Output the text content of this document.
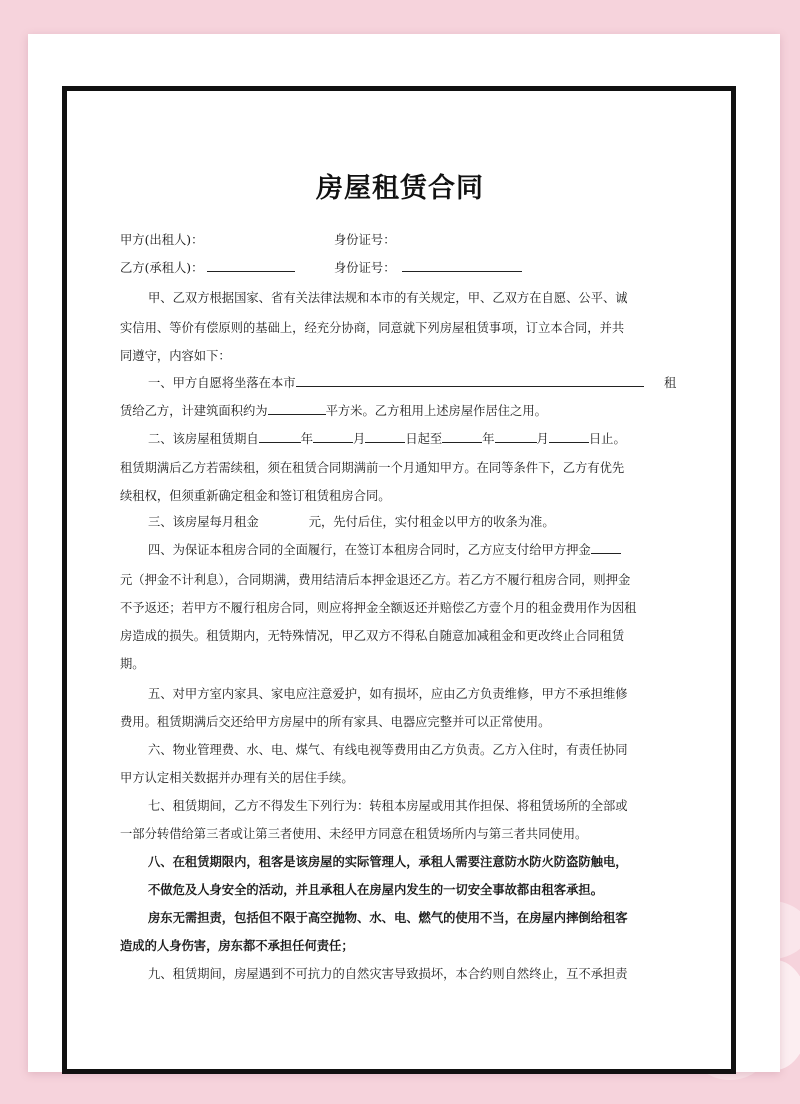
房屋租赁合同
甲方(出租人)：	身份证号：
乙方(承租人)：	身份证号：
甲、乙双方根据国家、省有关法律法规和本市的有关规定，甲、乙双方在自愿、公平、诚
实信用、等价有偿原则的基础上，经充分协商，同意就下列房屋租赁事项，订立本合同，并共
同遵守，内容如下：
一、甲方自愿将坐落在本市	租
赁给乙方，计建筑面积约为	平方米。乙方租用上述房屋作居住之用。
二、该房屋租赁期自	年	月	日起至	年	月	日止。
租赁期满后乙方若需续租，须在租赁合同期满前一个月通知甲方。在同等条件下，乙方有优先
续租权，但须重新确定租金和签订租赁租房合同。
三、该房屋每月租金	元，先付后住，实付租金以甲方的收条为准。
四、为保证本租房合同的全面履行，在签订本租房合同时，乙方应支付给甲方押金
元（押金不计利息），合同期满，费用结清后本押金退还乙方。若乙方不履行租房合同，则押金
不予返还；若甲方不履行租房合同，则应将押金全额返还并赔偿乙方壹个月的租金费用作为因租
房造成的损失。租赁期内，无特殊情况，甲乙双方不得私自随意加减租金和更改终止合同租赁
期。
五、对甲方室内家具、家电应注意爱护，如有损坏，应由乙方负责维修，甲方不承担维修
费用。租赁期满后交还给甲方房屋中的所有家具、电器应完整并可以正常使用。
六、物业管理费、水、电、煤气、有线电视等费用由乙方负责。乙方入住时，有责任协同
甲方认定相关数据并办理有关的居住手续。
七、租赁期间，乙方不得发生下列行为：转租本房屋或用其作担保、将租赁场所的全部或
一部分转借给第三者或让第三者使用、未经甲方同意在租赁场所内与第三者共同使用。
八、在租赁期限内，租客是该房屋的实际管理人，承租人需要注意防水防火防盗防触电，
不做危及人身安全的活动，并且承租人在房屋内发生的一切安全事故都由租客承担。
房东无需担责，包括但不限于高空抛物、水、电、燃气的使用不当，在房屋内摔倒给租客
造成的人身伤害，房东都不承担任何责任；
九、租赁期间，房屋遇到不可抗力的自然灾害导致损坏，本合约则自然终止，互不承担责
